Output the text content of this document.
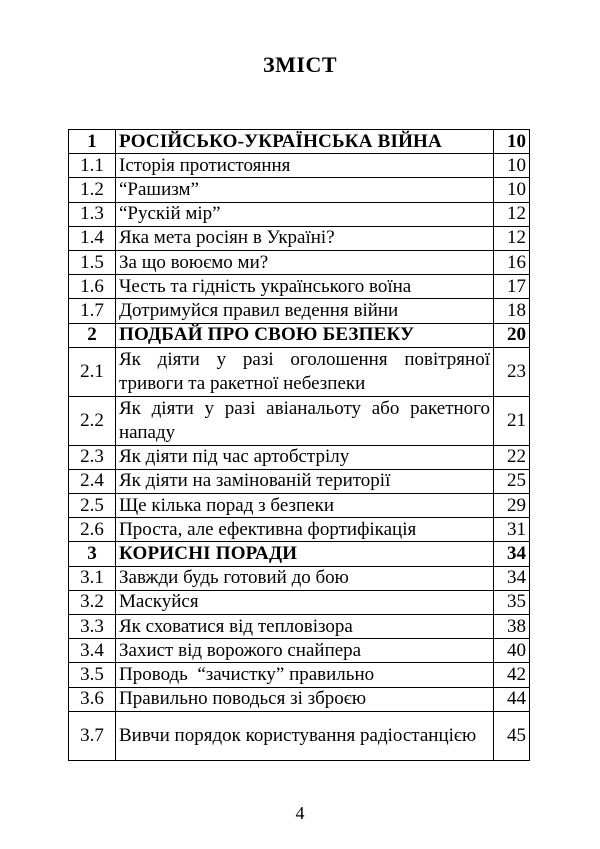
ЗМІСТ
1	РОСІЙСЬКО-УКРАЇНСЬКА ВІЙНА	10
1.1	Історія протистояння	10
1.2	“Рашизм”	10
1.3	“Рускій мір”	12
1.4	Яка мета росіян в Україні?	12
1.5	За що воюємо ми?	16
1.6	Честь та гідність українського воїна	17
1.7	Дотримуйся правил ведення війни	18
2	ПОДБАЙ ПРО СВОЮ БЕЗПЕКУ	20
2.1	Як діяти у разі оголошення повітряної тривоги та ракетної небезпеки	23
2.2	Як діяти у разі авіанальоту або ракетного нападу	21
2.3	Як діяти під час артобстрілу	22
2.4	Як діяти на замінованій території	25
2.5	Ще кілька порад з безпеки	29
2.6	Проста, але ефективна фортифікація	31
3	КОРИСНІ ПОРАДИ	34
3.1	Завжди будь готовий до бою	34
3.2	Маскуйся	35
3.3	Як сховатися від тепловізора	38
3.4	Захист від ворожого снайпера	40
3.5	Проводь  “зачистку” правильно	42
3.6	Правильно поводься зі зброєю	44
3.7	Вивчи порядок користування радіостанцією	45
4
